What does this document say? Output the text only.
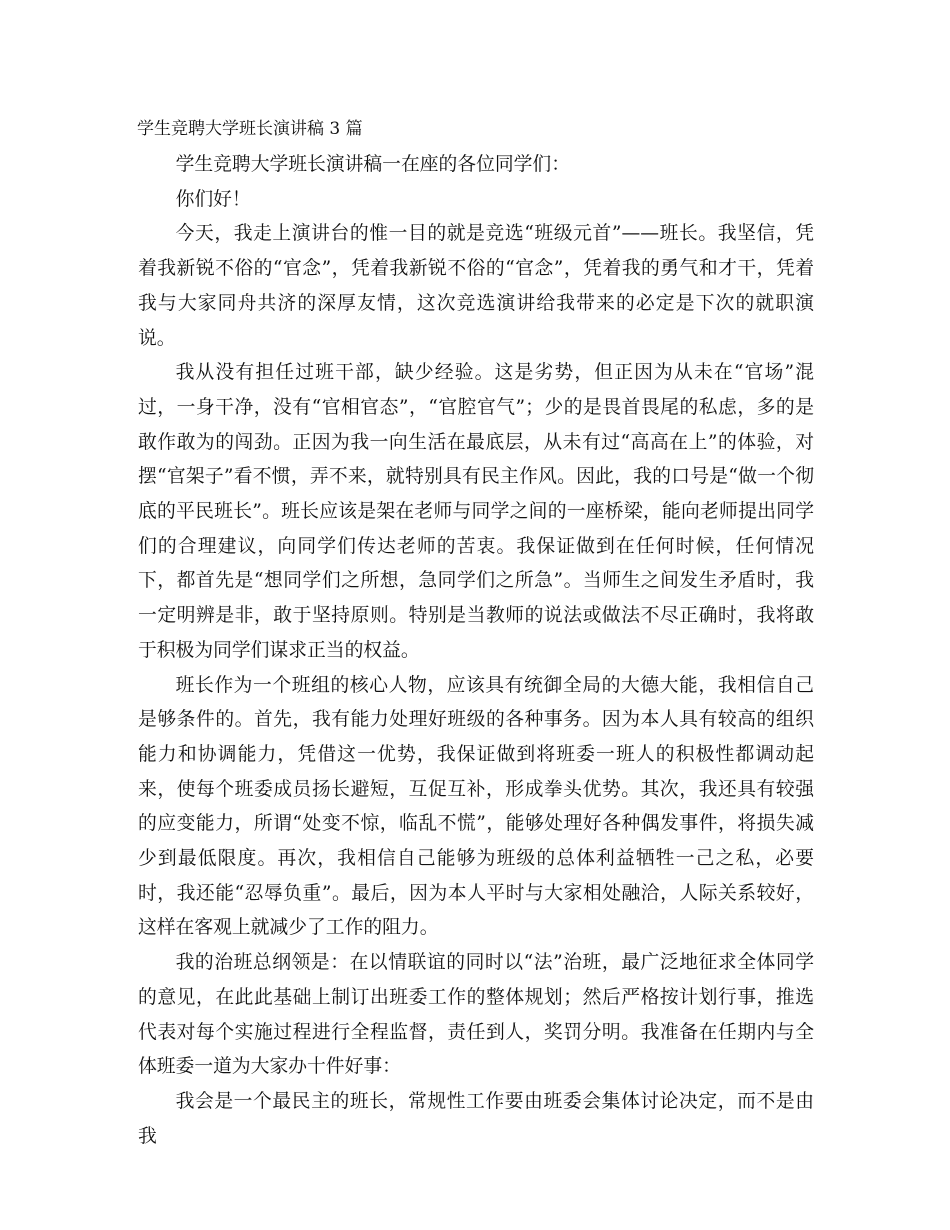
学生竞聘大学班长演讲稿 3 篇

学生竞聘大学班长演讲稿一在座的各位同学们：

你们好！

今天，我走上演讲台的惟一目的就是竞选“班级元首”——班长。我坚信，凭着我新锐不俗的“官念”，凭着我新锐不俗的“官念”，凭着我的勇气和才干，凭着我与大家同舟共济的深厚友情，这次竞选演讲给我带来的必定是下次的就职演说。

我从没有担任过班干部，缺少经验。这是劣势，但正因为从未在“官场”混过，一身干净，没有“官相官态”，“官腔官气”；少的是畏首畏尾的私虑，多的是敢作敢为的闯劲。正因为我一向生活在最底层，从未有过“高高在上”的体验，对摆“官架子”看不惯，弄不来，就特别具有民主作风。因此，我的口号是“做一个彻底的平民班长”。班长应该是架在老师与同学之间的一座桥梁，能向老师提出同学们的合理建议，向同学们传达老师的苦衷。我保证做到在任何时候，任何情况下，都首先是“想同学们之所想，急同学们之所急”。当师生之间发生矛盾时，我一定明辨是非，敢于坚持原则。特别是当教师的说法或做法不尽正确时，我将敢于积极为同学们谋求正当的权益。

班长作为一个班组的核心人物，应该具有统御全局的大德大能，我相信自己是够条件的。首先，我有能力处理好班级的各种事务。因为本人具有较高的组织能力和协调能力，凭借这一优势，我保证做到将班委一班人的积极性都调动起来，使每个班委成员扬长避短，互促互补，形成拳头优势。其次，我还具有较强的应变能力，所谓“处变不惊，临乱不慌”，能够处理好各种偶发事件，将损失减少到最低限度。再次，我相信自己能够为班级的总体利益牺牲一己之私，必要时，我还能“忍辱负重”。最后，因为本人平时与大家相处融洽，人际关系较好，这样在客观上就减少了工作的阻力。

我的治班总纲领是：在以情联谊的同时以“法”治班，最广泛地征求全体同学的意见，在此此基础上制订出班委工作的整体规划；然后严格按计划行事，推选代表对每个实施过程进行全程监督，责任到人，奖罚分明。我准备在任期内与全体班委一道为大家办十件好事：

我会是一个最民主的班长，常规性工作要由班委会集体讨论决定，而不是由我
